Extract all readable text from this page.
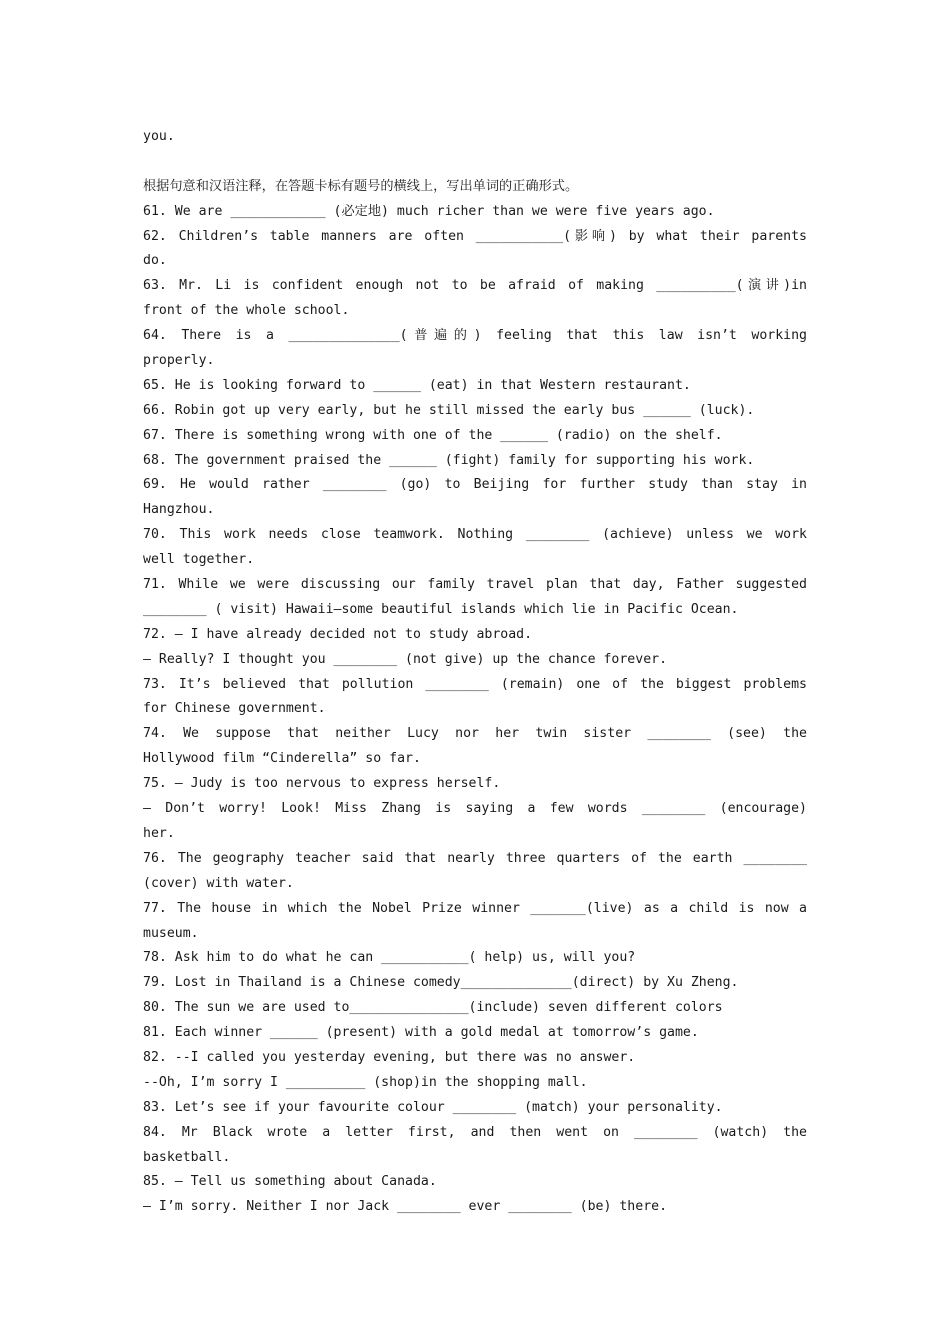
you.
根据句意和汉语注释，在答题卡标有题号的横线上，写出单词的正确形式。
61. We are ____________ (必定地) much richer than we were five years ago.
62. Children’s table manners are often ___________(影响) by what their parents
do.
63. Mr. Li is confident enough not to be afraid of making __________(演讲)in
front of the whole school.
64. There is a ______________(普遍的) feeling that this law isn’t working
properly.
65. He is looking forward to ______ (eat) in that Western restaurant.
66. Robin got up very early, but he still missed the early bus ______ (luck).
67. There is something wrong with one of the ______ (radio) on the shelf.
68. The government praised the ______ (fight) family for supporting his work.
69. He would rather ________ (go) to Beijing for further study than stay in
Hangzhou.
70. This work needs close teamwork. Nothing ________ (achieve) unless we work
well together.
71. While we were discussing our family travel plan that day, Father suggested
________ ( visit) Hawaii—some beautiful islands which lie in Pacific Ocean.
72. — I have already decided not to study abroad.
— Really? I thought you ________ (not give) up the chance forever.
73. It’s believed that pollution ________ (remain) one of the biggest problems
for Chinese government.
74. We suppose that neither Lucy nor her twin sister ________ (see) the
Hollywood film “Cinderella” so far.
75. — Judy is too nervous to express herself.
— Don’t worry! Look! Miss Zhang is saying a few words ________ (encourage)
her.
76. The geography teacher said that nearly three quarters of the earth ________
(cover) with water.
77. The house in which the Nobel Prize winner _______(live) as a child is now a
museum.
78. Ask him to do what he can ___________( help) us, will you?
79. Lost in Thailand is a Chinese comedy______________(direct) by Xu Zheng.
80. The sun we are used to_______________(include) seven different colors
81. Each winner ______ (present) with a gold medal at tomorrow’s game.
82. --I called you yesterday evening, but there was no answer.
--Oh, I’m sorry I __________ (shop)in the shopping mall.
83. Let’s see if your favourite colour ________ (match) your personality.
84. Mr Black wrote a letter first, and then went on ________ (watch) the
basketball.
85. — Tell us something about Canada.
— I’m sorry. Neither I nor Jack ________ ever ________ (be) there.
